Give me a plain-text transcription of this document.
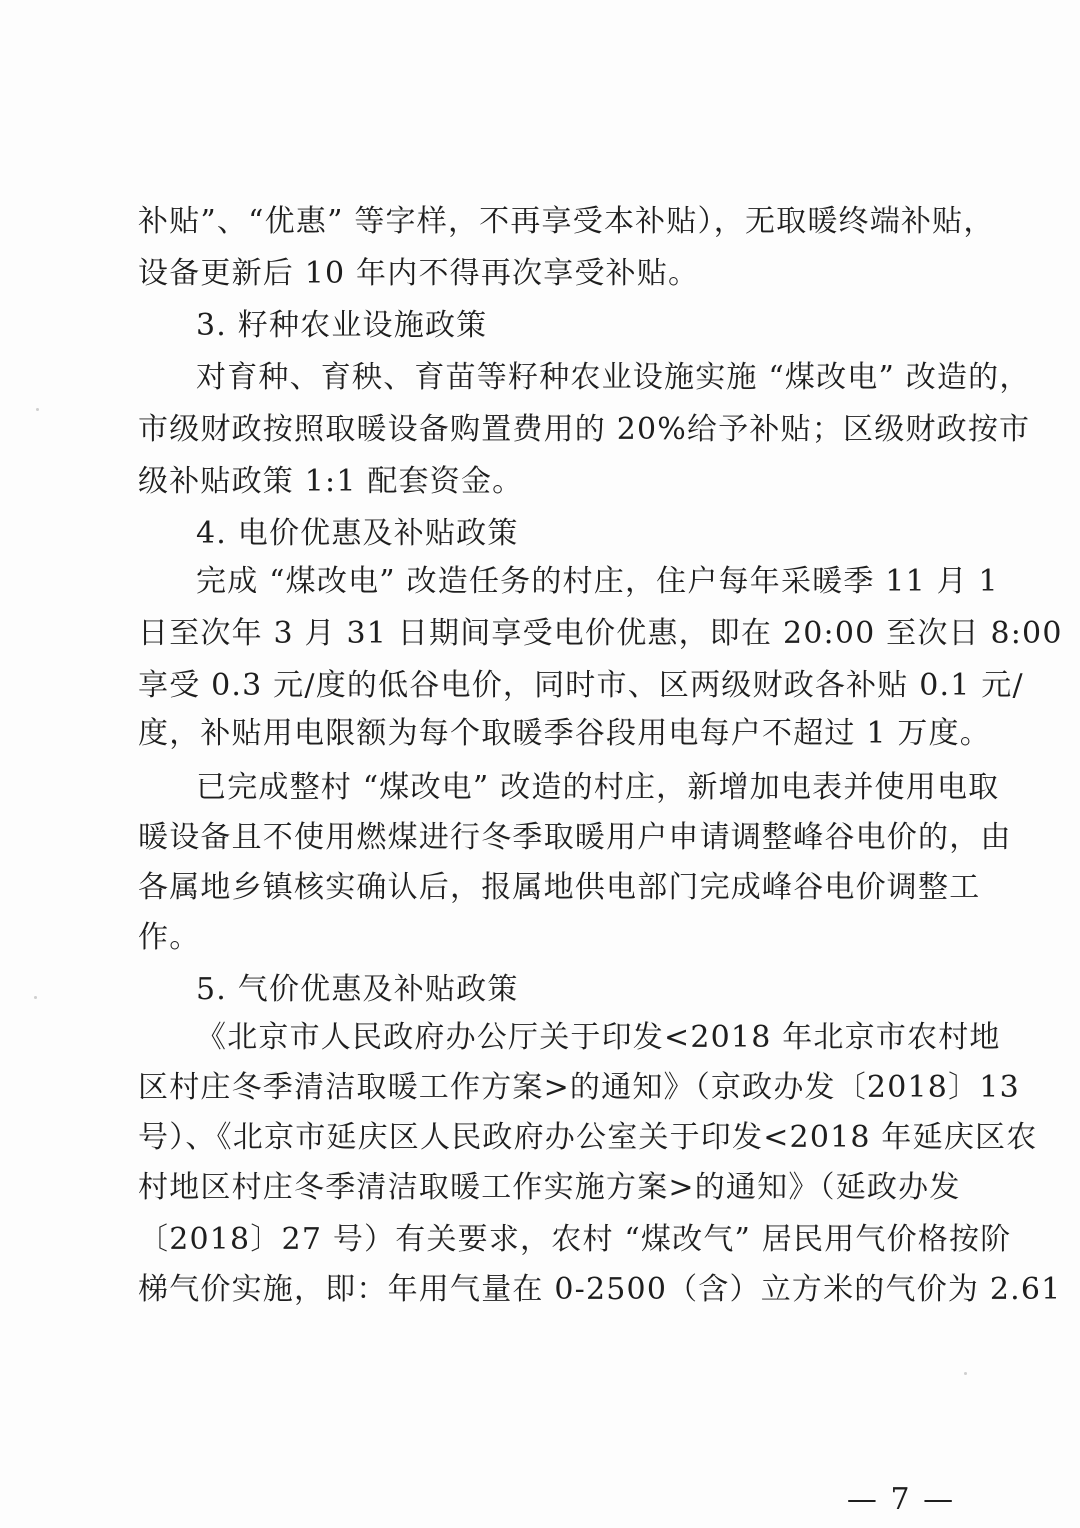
补贴”、“优惠” 等字样，不再享受本补贴），无取暖终端补贴，
设备更新后 10 年内不得再次享受补贴。
3. 籽种农业设施政策
对育种、育秧、育苗等籽种农业设施实施 “煤改电” 改造的，
市级财政按照取暖设备购置费用的 20%给予补贴；区级财政按市
级补贴政策 1:1 配套资金。
4. 电价优惠及补贴政策
完成 “煤改电” 改造任务的村庄，住户每年采暖季 11 月 1
日至次年 3 月 31 日期间享受电价优惠，即在 20:00 至次日 8:00
享受 0.3 元/度的低谷电价，同时市、区两级财政各补贴 0.1 元/
度，补贴用电限额为每个取暖季谷段用电每户不超过 1 万度。
已完成整村 “煤改电” 改造的村庄，新增加电表并使用电取
暖设备且不使用燃煤进行冬季取暖用户申请调整峰谷电价的，由
各属地乡镇核实确认后，报属地供电部门完成峰谷电价调整工
作。
5. 气价优惠及补贴政策
《北京市人民政府办公厅关于印发<2018 年北京市农村地
区村庄冬季清洁取暖工作方案>的通知》（京政办发〔2018〕13
号）、《北京市延庆区人民政府办公室关于印发<2018 年延庆区农
村地区村庄冬季清洁取暖工作实施方案>的通知》（延政办发
〔2018〕27 号）有关要求，农村 “煤改气” 居民用气价格按阶
梯气价实施，即：年用气量在 0-2500（含）立方米的气价为 2.61
— 7 —
